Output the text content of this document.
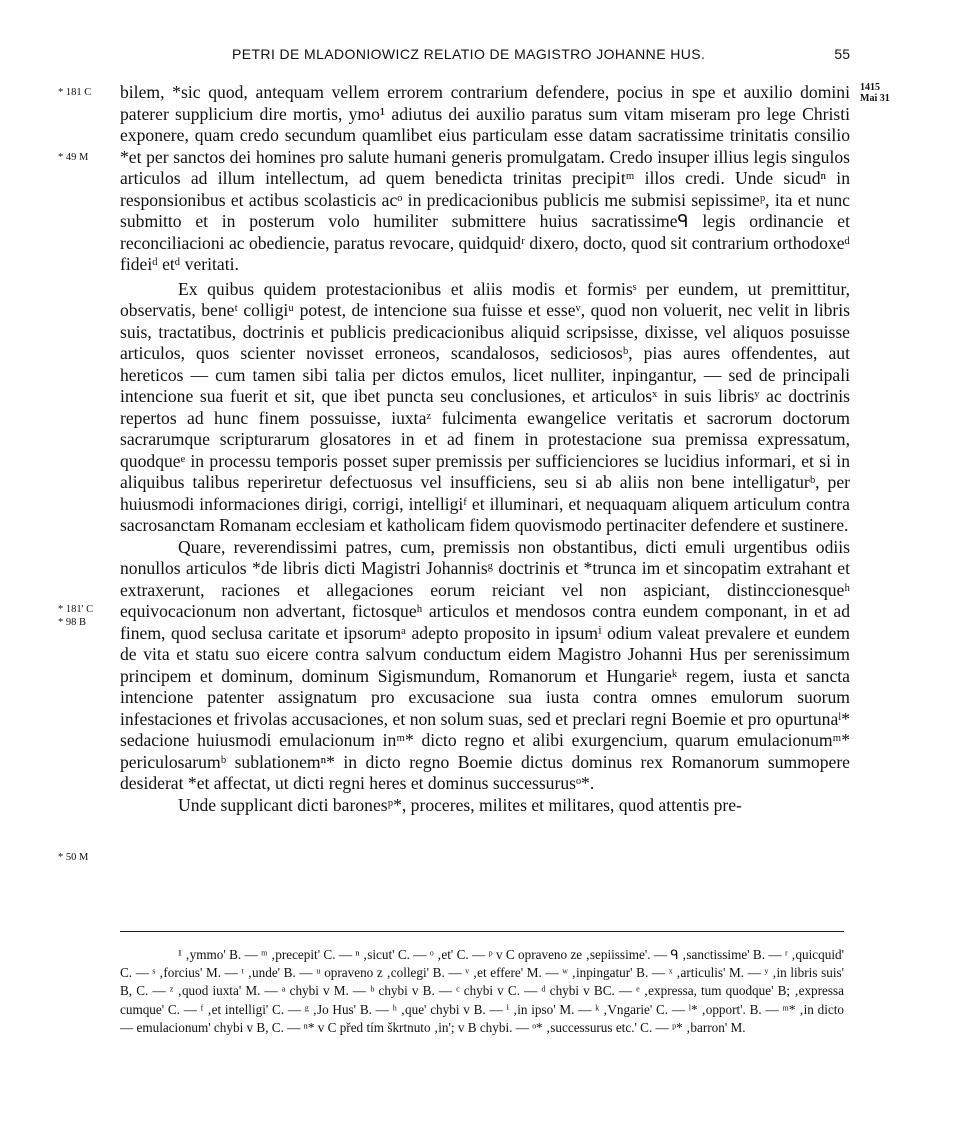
PETRI DE MLADONIOWICZ RELATIO DE MAGISTRO JOHANNE HUS.	55
* 181 C
* 49 M
* 181' C
* 98 B
* 50 M
1415
Mai 31

bilem, *sic quod, antequam vellem errorem contrarium defendere, pocius in spe et auxilio domini paterer supplicium dire mortis, ymo¹ adiutus dei auxilio paratus sum vitam miseram pro lege Christi exponere, quam credo secundum quamlibet eius particulam esse datam sacratissime trinitatis consilio *et per sanctos dei homines pro salute humani generis promulgatam. Credo insuper illius legis singulos articulos ad illum intellectum, ad quem benedicta trinitas precipitᵐ illos credi. Unde sicudⁿ in responsionibus et actibus scolasticis acᵒ in predicacionibus publicis me submisi sepissimeᵖ, ita et nunc submitto et in posterum volo humiliter submittere huius sacratissimeᑫ legis ordinancie et reconciliacioni ac obediencie, paratus revocare, quidquidʳ dixero, docto, quod sit contrarium orthodoxeᵈ fideiᵈ etᵈ veritati.

Ex quibus quidem protestacionibus et aliis modis et formisˢ per eundem, ut premittitur, observatis, beneᵗ colligiᵘ potest, de intencione sua fuisse et esseᵛ, quod non voluerit, nec velit in libris suis, tractatibus, doctrinis et publicis predicacionibus aliquid scripsisse, dixisse, vel aliquos posuisse articulos, quos scienter novisset erroneos, scandalosos, sediciososᵇ, pias aures offendentes, aut hereticos — cum tamen sibi talia per dictos emulos, licet nulliter, inpingantur, — sed de principali intencione sua fuerit et sit, que ibet puncta seu conclusiones, et articulosˣ in suis librisʸ ac doctrinis repertos ad hunc finem possuisse, iuxtaᶻ fulcimenta ewangelice veritatis et sacrorum doctorum sacrarumque scripturarum glosatores in et ad finem in protestacione sua premissa expressatum, quodqueᵉ in processu temporis posset super premissis per sufficienciores se lucidius informari, et si in aliquibus talibus reperiretur defectuosus vel insufficiens, seu si ab aliis non bene intelligaturᵇ, per huiusmodi informaciones dirigi, corrigi, intelligiᶠ et illuminari, et nequaquam aliquem articulum contra sacrosanctam Romanam ecclesiam et katholicam fidem quovismodo pertinaciter defendere et sustinere.

Quare, reverendissimi patres, cum, premissis non obstantibus, dicti emuli urgentibus odiis nonullos articulos *de libris dicti Magistri Johannisᵍ doctrinis et *trunca im et sincopatim extrahant et extraxerunt, raciones et allegaciones eorum reiciant vel non aspiciant, distinccionesqueʰ equivocacionum non advertant, fictosqueʰ articulos et mendosos contra eundem componant, in et ad finem, quod seclusa caritate et ipsorumᵃ adepto proposito in ipsumⁱ odium valeat prevalere et eundem de vita et statu suo eicere contra salvum conductum eidem Magistro Johanni Hus per serenissimum principem et dominum, dominum Sigismundum, Romanorum et Hungarieᵏ regem, iusta et sancta intencione patenter assignatum pro excusacione sua iusta contra omnes emulorum suorum infestaciones et frivolas accusaciones, et non solum suas, sed et preclari regni Boemie et pro opurtunaˡ* sedacione huiusmodi emulacionum inᵐ* dicto regno et alibi exurgencium, quarum emulacionumᵐ* periculosarumᵇ sublationemⁿ* in dicto regno Boemie dictus dominus rex Romanorum summopere desiderat *et affectat, ut dicti regni heres et dominus successurusᵒ*.

Unde supplicant dicti baronesᵖ*, proceres, milites et militares, quod attentis pre-

¹ ‚ymmo' B. — ᵐ ‚precepit' C. — ⁿ ‚sicut' C. — ᵒ ‚et' C. — ᵖ v C opraveno ze ‚sepiissime'. — ᑫ ‚sanctissime' B. — ʳ ‚quicquid' C. — ˢ ‚forcius' M. — ᵗ ‚unde' B. — ᵘ opraveno z ‚collegi' B. — ᵛ ‚et effere' M. — ʷ ‚inpingatur' B. — ˣ ‚articulis' M. — ʸ ‚in libris suis' B, C. — ᶻ ‚quod iuxta' M. — ᵃ chybi v M. — ᵇ chybi v B. — ᶜ chybi v C. — ᵈ chybi v BC. — ᵉ ‚expressa, tum quodque' B; ‚expressa cumque' C. — ᶠ ‚et intelligi' C. — ᵍ ‚Jo Hus' B. — ʰ ‚que' chybi v B. — ⁱ ‚in ipso' M. — ᵏ ‚Vngarie' C. — ˡ* ‚opport'. B. — ᵐ* ‚in dicto — emulacionum' chybi v B, C. — ⁿ* v C před tím škrtnuto ‚in'; v B chybi. — ᵒ* ‚successurus etc.' C. — ᵖ* ‚barron' M.
